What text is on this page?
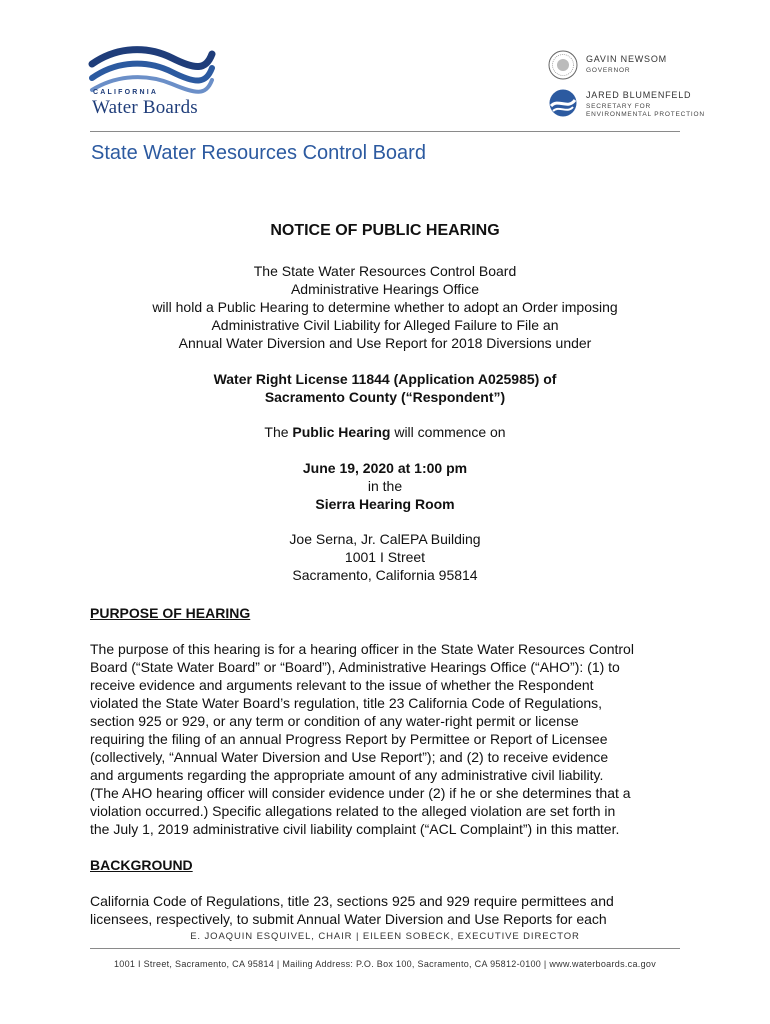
CALIFORNIA
Water Boards
GAVIN NEWSOM
GOVERNOR
JARED BLUMENFELD
SECRETARY FOR
ENVIRONMENTAL PROTECTION
State Water Resources Control Board
NOTICE OF PUBLIC HEARING
The State Water Resources Control Board
Administrative Hearings Office
will hold a Public Hearing to determine whether to adopt an Order imposing
Administrative Civil Liability for Alleged Failure to File an
Annual Water Diversion and Use Report for 2018 Diversions under
Water Right License 11844 (Application A025985) of
Sacramento County (“Respondent”)
The Public Hearing will commence on
June 19, 2020 at 1:00 pm
in the
Sierra Hearing Room
Joe Serna, Jr. CalEPA Building
1001 I Street
Sacramento, California 95814
PURPOSE OF HEARING
The purpose of this hearing is for a hearing officer in the State Water Resources Control
Board (“State Water Board” or “Board”), Administrative Hearings Office (“AHO”): (1) to
receive evidence and arguments relevant to the issue of whether the Respondent
violated the State Water Board’s regulation, title 23 California Code of Regulations,
section 925 or 929, or any term or condition of any water-right permit or license
requiring the filing of an annual Progress Report by Permittee or Report of Licensee
(collectively, “Annual Water Diversion and Use Report”); and (2) to receive evidence
and arguments regarding the appropriate amount of any administrative civil liability.
(The AHO hearing officer will consider evidence under (2) if he or she determines that a
violation occurred.) Specific allegations related to the alleged violation are set forth in
the July 1, 2019 administrative civil liability complaint (“ACL Complaint”) in this matter.
BACKGROUND
California Code of Regulations, title 23, sections 925 and 929 require permittees and
licensees, respectively, to submit Annual Water Diversion and Use Reports for each
E. JOAQUIN ESQUIVEL, CHAIR | EILEEN SOBECK, EXECUTIVE DIRECTOR
1001 I Street, Sacramento, CA 95814 | Mailing Address: P.O. Box 100, Sacramento, CA 95812-0100 | www.waterboards.ca.gov
